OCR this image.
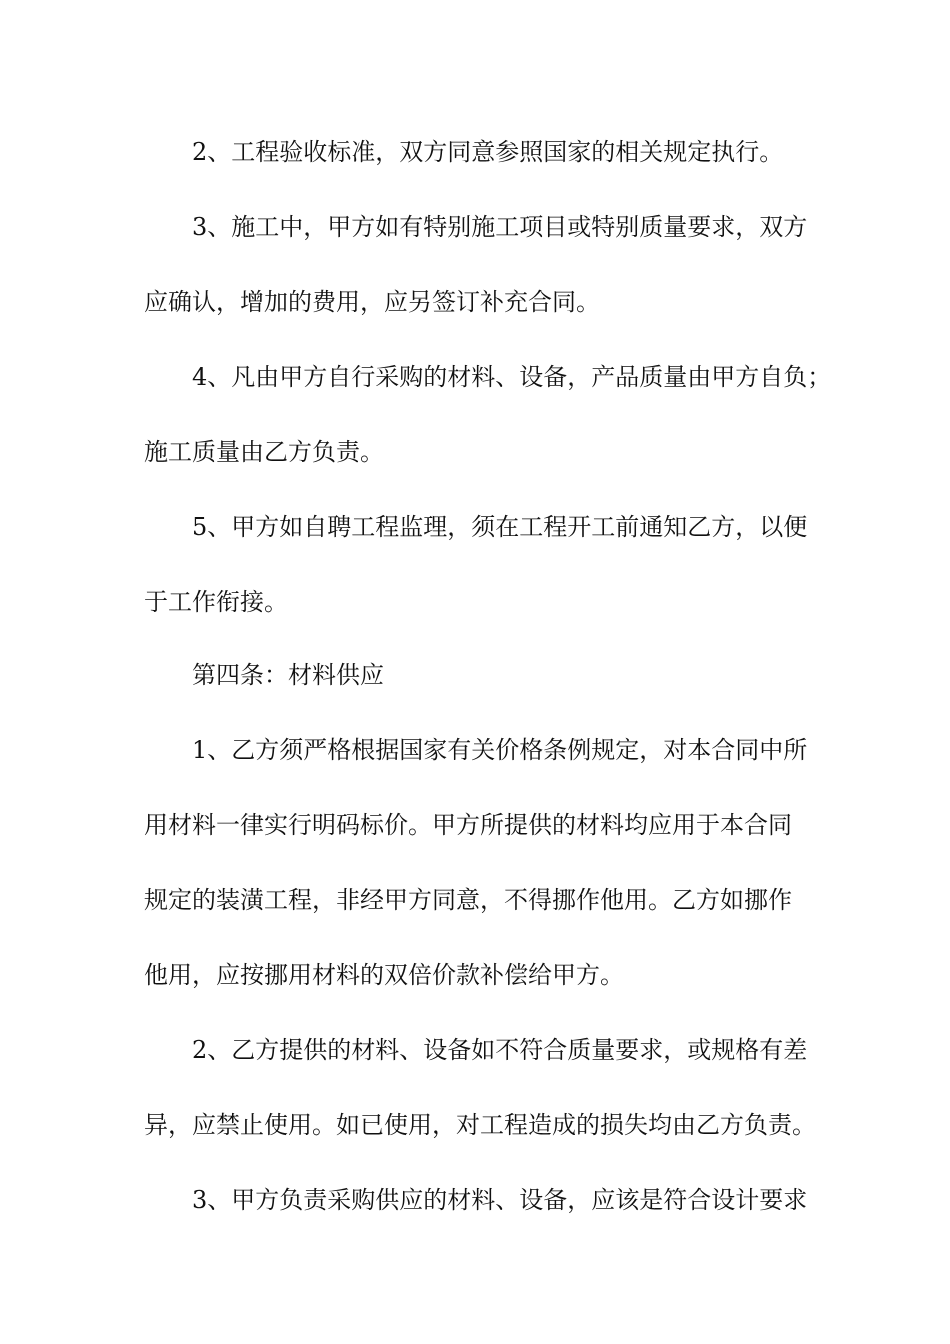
2、工程验收标准，双方同意参照国家的相关规定执行。
3、施工中，甲方如有特别施工项目或特别质量要求，双方
应确认，增加的费用，应另签订补充合同。
4、凡由甲方自行采购的材料、设备，产品质量由甲方自负；
施工质量由乙方负责。
5、甲方如自聘工程监理，须在工程开工前通知乙方，以便
于工作衔接。
第四条：材料供应
1、乙方须严格根据国家有关价格条例规定，对本合同中所
用材料一律实行明码标价。甲方所提供的材料均应用于本合同
规定的装潢工程，非经甲方同意，不得挪作他用。乙方如挪作
他用，应按挪用材料的双倍价款补偿给甲方。
2、乙方提供的材料、设备如不符合质量要求，或规格有差
异，应禁止使用。如已使用，对工程造成的损失均由乙方负责。
3、甲方负责采购供应的材料、设备，应该是符合设计要求
